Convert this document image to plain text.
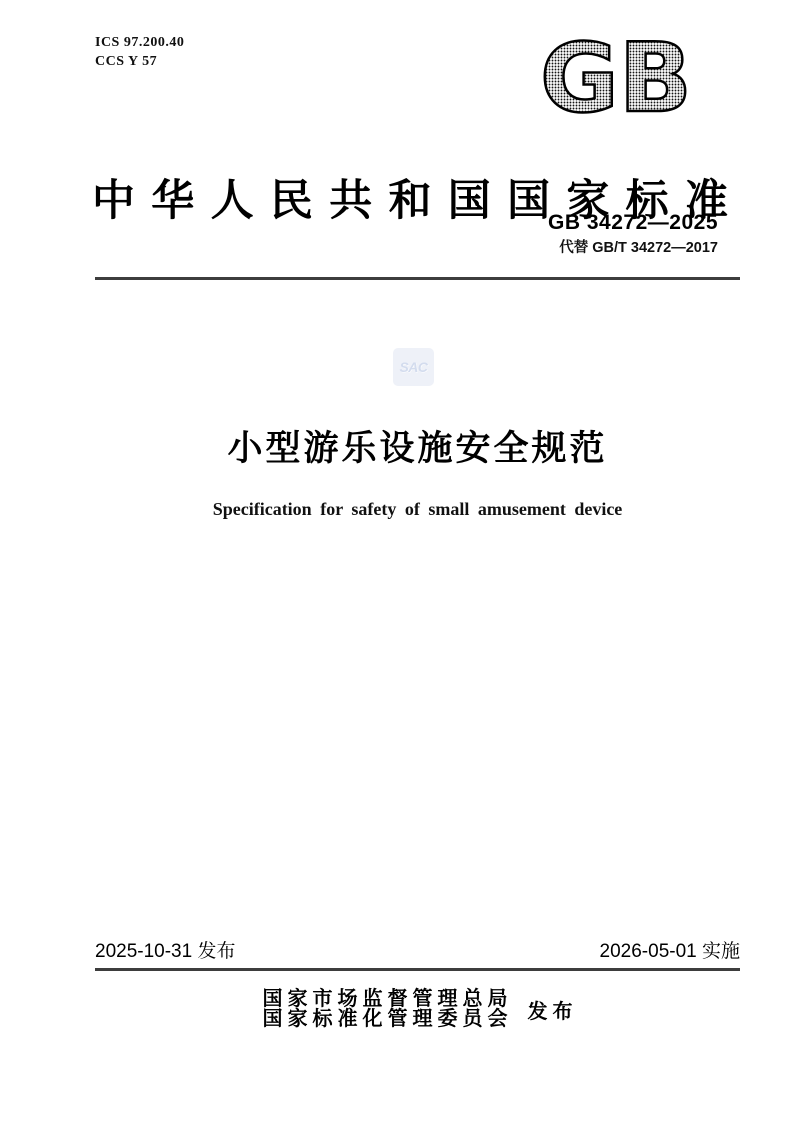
ICS 97.200.40
CCS Y 57	GB
中 华 人 民 共 和 国 国 家 标 准
GB 34272—2025
代替 GB/T 34272—2017
SAC
小型游乐设施安全规范
Specification for safety of small amusement device
2025-10-31 发布	2026-05-01 实施
国家市场监督管理总局
国家标准化管理委员会 发 布
